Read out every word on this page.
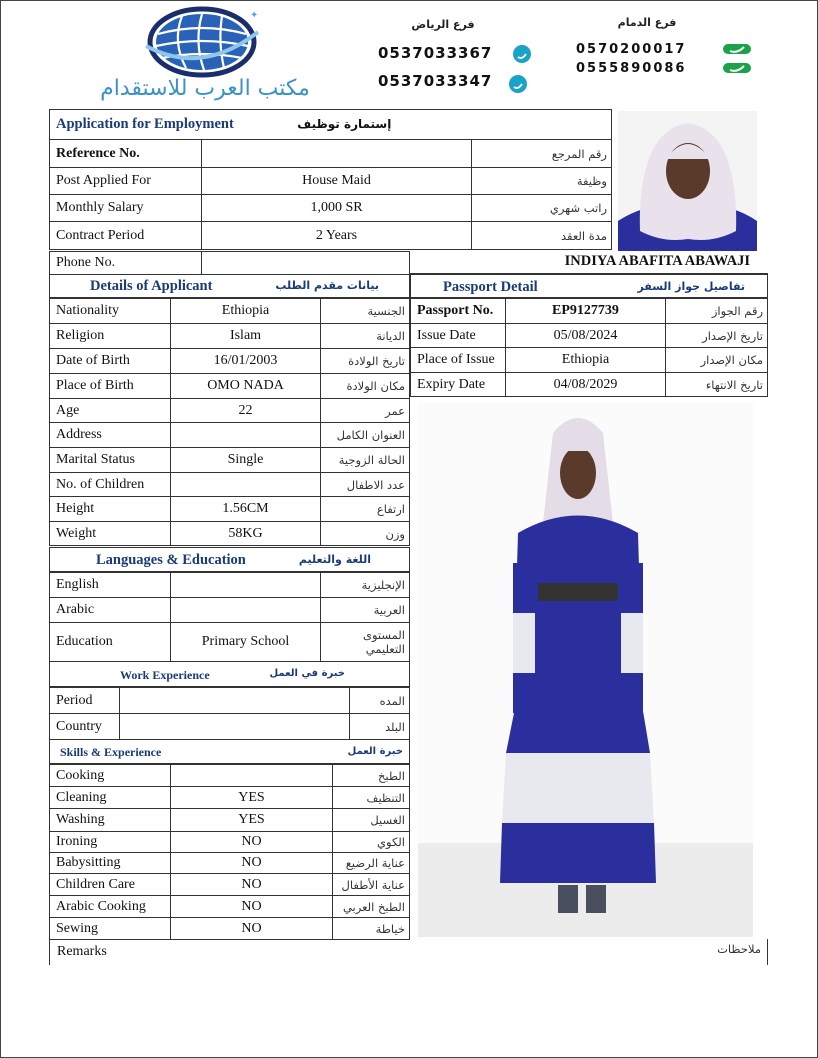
✦
مكتب العرب للاستقدام
فرع الرياض
0537033367
0537033347
فرع الدمام
0570200017
0555890086
Application for Employment	إستمارة توظيف
Reference No.		رقم المرجع
Post Applied For	House Maid	وظيفة
Monthly Salary	1,000 SR	راتب شهري
Contract Period	2 Years	مدة العقد
Phone No.		INDIYA ABAFITA ABAWAJI
Details of Applicant	بيانات مقدم الطلب
Nationality	Ethiopia	الجنسية
Religion	Islam	الديانة
Date of Birth	16/01/2003	تاريخ الولادة
Place of Birth	OMO NADA	مكان الولادة
Age	22	عمر
Address		العنوان الكامل
Marital Status	Single	الحالة الزوجية
No. of Children		عدد الاطفال
Height	1.56CM	ارتفاع
Weight	58KG	وزن
Languages & Education	اللغة والتعليم
English		الإنجليزية
Arabic		العربية
Education	Primary School	المستوى التعليمي
Work Experience	خبرة في العمل
Period		المده
Country		البلد
Skills & Experience	خبرة العمل
Cooking		الطبخ
Cleaning	YES	التنظيف
Washing	YES	الغسيل
Ironing	NO	الكوي
Babysitting	NO	عناية الرضيع
Children Care	NO	عناية الأطفال
Arabic Cooking	NO	الطبخ العربي
Sewing	NO	خياطة
Passport Detail	تفاصيل جواز السفر
Passport No.	EP9127739	رقم الجواز
Issue Date	05/08/2024	تاريخ الإصدار
Place of Issue	Ethiopia	مكان الإصدار
Expiry Date	04/08/2029	تاريخ الانتهاء
Remarks	ملاحظات
